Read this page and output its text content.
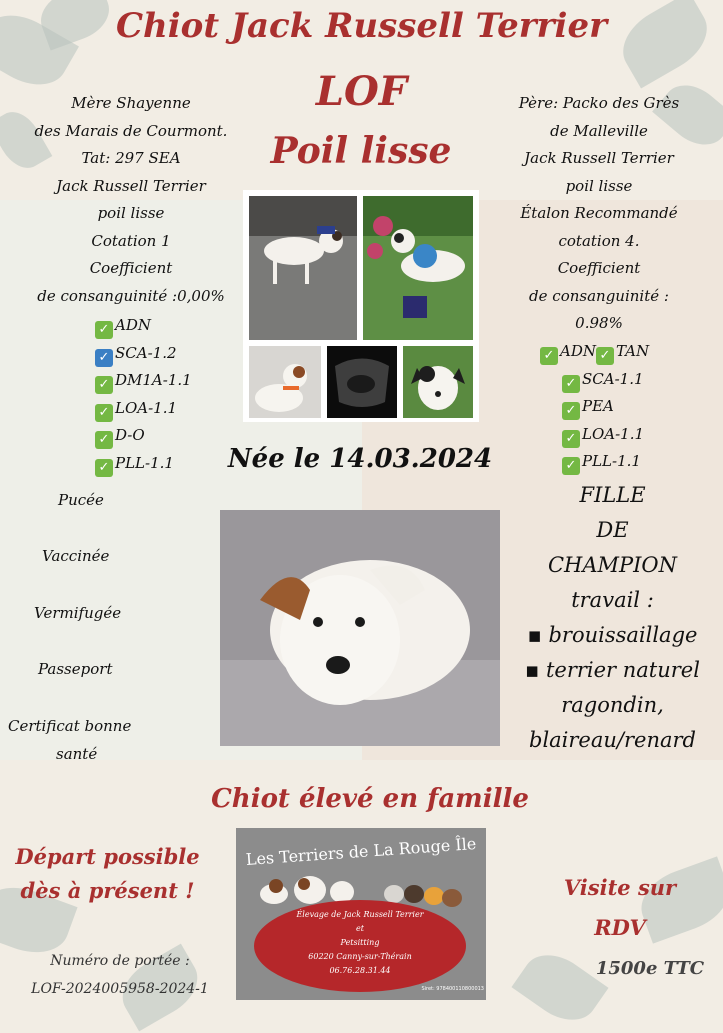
Chiot Jack Russell Terrier
LOF
Poil lisse
Mère Shayenne
des Marais de Courmont.
Tat: 297 SEA
Jack Russell Terrier
poil lisse
Cotation 1
Coefficient
de consanguinité :0,00%
✓ ADN
✓ SCA-1.2
✓ DM1A-1.1
✓ LOA-1.1
✓ D-O
✓ PLL-1.1
Père: Packo des Grès
de Malleville
Jack Russell Terrier
poil lisse
Étalon Recommandé
cotation 4.
Coefficient
de consanguinité :
0.98%
✓ ADN ✓ TAN
✓ SCA-1.1
✓ PEA
✓ LOA-1.1
✓ PLL-1.1
Née le 14.03.2024
Pucée
Vaccinée
Vermifugée
Passeport
Certificat bonne
santé
FILLE
DE
CHAMPION
travail :
▪ brouissaillage
▪ terrier naturel
ragondin,
blaireau/renard
Chiot élevé en famille
Départ possible
dès à présent !	Visite sur
RDV
1500e TTC
Numéro de portée :
LOF-2024005958-2024-1
Les Terriers de La Rouge Île
Élevage de Jack Russell Terrier
et
Petsitting
60220 Canny-sur-Thérain
06.76.28.31.44
Siret: 978400110800013
